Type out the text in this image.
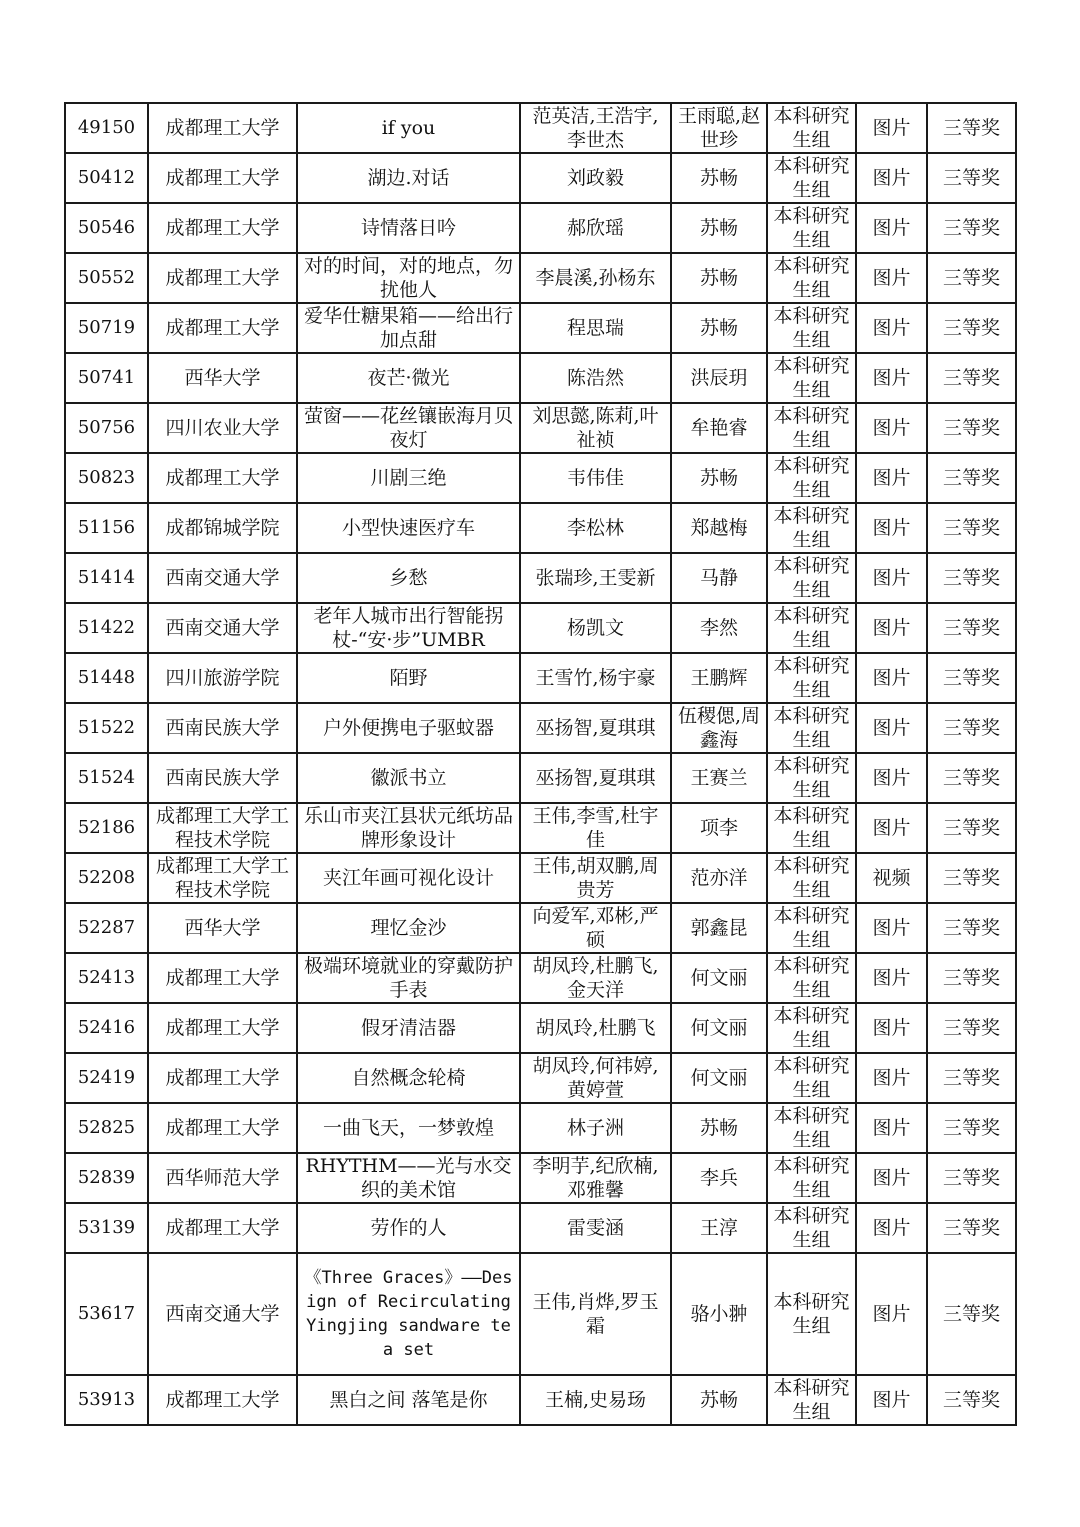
49150	成都理工大学	if you	范英洁,王浩宇,李世杰	王雨聪,赵世珍	本科研究生组	图片	三等奖
50412	成都理工大学	湖边.对话	刘政毅	苏畅	本科研究生组	图片	三等奖
50546	成都理工大学	诗情落日吟	郝欣瑶	苏畅	本科研究生组	图片	三等奖
50552	成都理工大学	对的时间，对的地点，勿扰他人	李晨溪,孙杨东	苏畅	本科研究生组	图片	三等奖
50719	成都理工大学	爱华仕糖果箱——给出行加点甜	程思瑞	苏畅	本科研究生组	图片	三等奖
50741	西华大学	夜芒·微光	陈浩然	洪辰玥	本科研究生组	图片	三等奖
50756	四川农业大学	萤窗——花丝镶嵌海月贝夜灯	刘思懿,陈莉,叶祉祯	牟艳睿	本科研究生组	图片	三等奖
50823	成都理工大学	川剧三绝	韦伟佳	苏畅	本科研究生组	图片	三等奖
51156	成都锦城学院	小型快速医疗车	李松林	郑越梅	本科研究生组	图片	三等奖
51414	西南交通大学	乡愁	张瑞珍,王雯新	马静	本科研究生组	图片	三等奖
51422	西南交通大学	老年人城市出行智能拐杖-“安·步”UMBR	杨凯文	李然	本科研究生组	图片	三等奖
51448	四川旅游学院	陌野	王雪竹,杨宇豪	王鹏辉	本科研究生组	图片	三等奖
51522	西南民族大学	户外便携电子驱蚊器	巫扬智,夏琪琪	伍稷偲,周鑫海	本科研究生组	图片	三等奖
51524	西南民族大学	徽派书立	巫扬智,夏琪琪	王赛兰	本科研究生组	图片	三等奖
52186	成都理工大学工程技术学院	乐山市夹江县状元纸坊品牌形象设计	王伟,李雪,杜宇佳	项李	本科研究生组	图片	三等奖
52208	成都理工大学工程技术学院	夹江年画可视化设计	王伟,胡双鹏,周贵芳	范亦洋	本科研究生组	视频	三等奖
52287	西华大学	理忆金沙	向爱军,邓彬,严硕	郭鑫昆	本科研究生组	图片	三等奖
52413	成都理工大学	极端环境就业的穿戴防护手表	胡凤玲,杜鹏飞,金天洋	何文丽	本科研究生组	图片	三等奖
52416	成都理工大学	假牙清洁器	胡凤玲,杜鹏飞	何文丽	本科研究生组	图片	三等奖
52419	成都理工大学	自然概念轮椅	胡凤玲,何祎婷,黄婷萱	何文丽	本科研究生组	图片	三等奖
52825	成都理工大学	一曲飞天，一梦敦煌	林子洲	苏畅	本科研究生组	图片	三等奖
52839	西华师范大学	RHYTHM——光与水交织的美术馆	李明芋,纪欣楠,邓雅馨	李兵	本科研究生组	图片	三等奖
53139	成都理工大学	劳作的人	雷雯涵	王淳	本科研究生组	图片	三等奖
53617	西南交通大学	《Three Graces》——Design of Recirculating Yingjing sandware tea set	王伟,肖烨,罗玉霜	骆小翀	本科研究生组	图片	三等奖
53913	成都理工大学	黑白之间 落笔是你	王楠,史易玚	苏畅	本科研究生组	图片	三等奖
